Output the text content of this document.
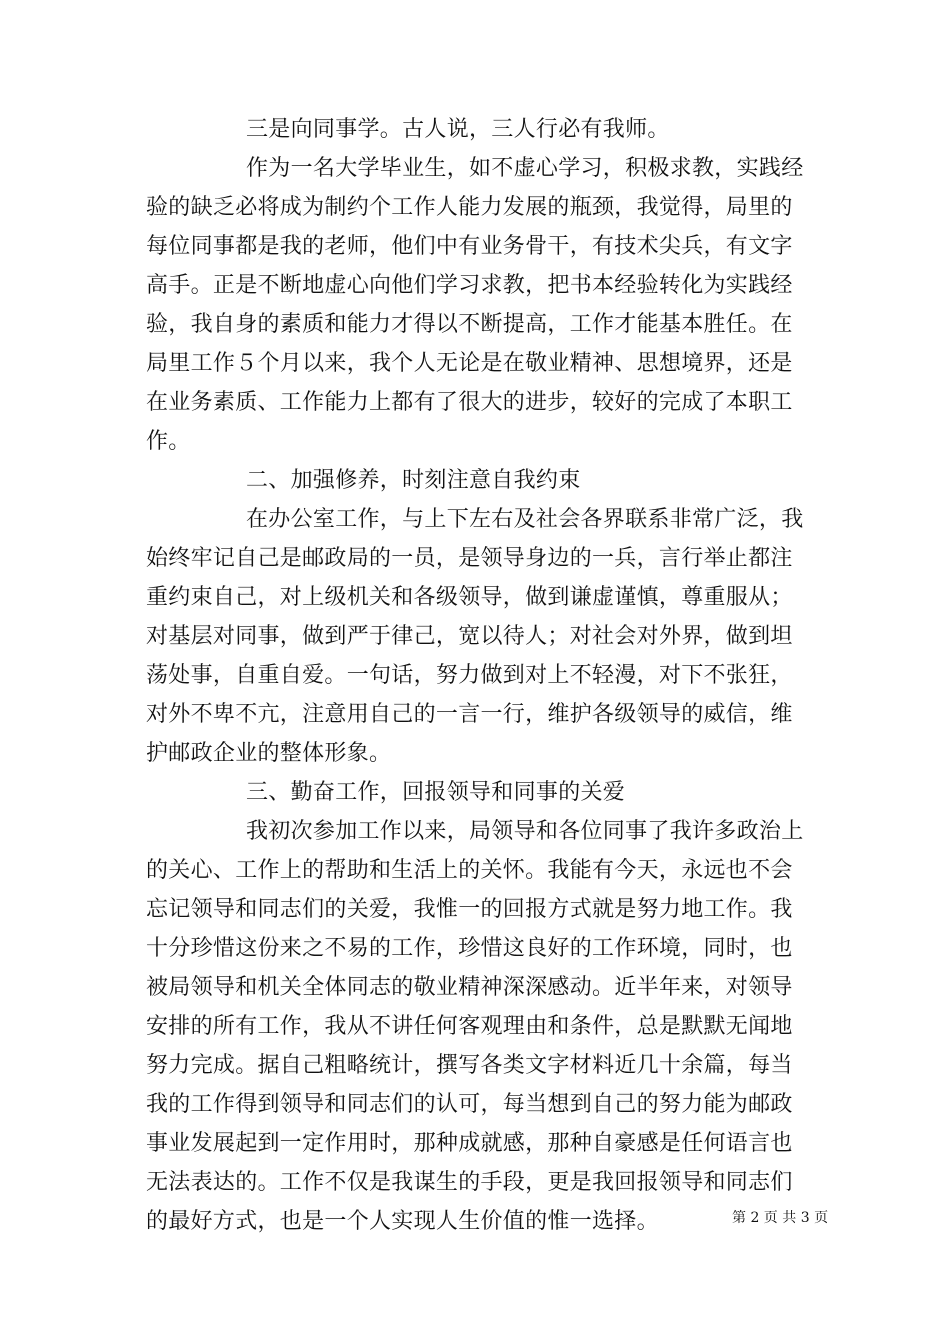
三是向同事学。古人说，三人行必有我师。
作为一名大学毕业生，如不虚心学习，积极求教，实践经
验的缺乏必将成为制约个工作人能力发展的瓶颈，我觉得，局里的
每位同事都是我的老师，他们中有业务骨干，有技术尖兵，有文字
高手。正是不断地虚心向他们学习求教，把书本经验转化为实践经
验，我自身的素质和能力才得以不断提高，工作才能基本胜任。在
局里工作５个月以来，我个人无论是在敬业精神、思想境界，还是
在业务素质、工作能力上都有了很大的进步，较好的完成了本职工
作。
二、加强修养，时刻注意自我约束
在办公室工作，与上下左右及社会各界联系非常广泛，我
始终牢记自己是邮政局的一员，是领导身边的一兵，言行举止都注
重约束自己，对上级机关和各级领导，做到谦虚谨慎，尊重服从；
对基层对同事，做到严于律己，宽以待人；对社会对外界，做到坦
荡处事，自重自爱。一句话，努力做到对上不轻漫，对下不张狂，
对外不卑不亢，注意用自己的一言一行，维护各级领导的威信，维
护邮政企业的整体形象。
三、勤奋工作，回报领导和同事的关爱
我初次参加工作以来，局领导和各位同事了我许多政治上
的关心、工作上的帮助和生活上的关怀。我能有今天，永远也不会
忘记领导和同志们的关爱，我惟一的回报方式就是努力地工作。我
十分珍惜这份来之不易的工作，珍惜这良好的工作环境，同时，也
被局领导和机关全体同志的敬业精神深深感动。近半年来，对领导
安排的所有工作，我从不讲任何客观理由和条件，总是默默无闻地
努力完成。据自己粗略统计，撰写各类文字材料近几十余篇，每当
我的工作得到领导和同志们的认可，每当想到自己的努力能为邮政
事业发展起到一定作用时，那种成就感，那种自豪感是任何语言也
无法表达的。工作不仅是我谋生的手段，更是我回报领导和同志们
的最好方式，也是一个人实现人生价值的惟一选择。	第 2 页 共 3 页
